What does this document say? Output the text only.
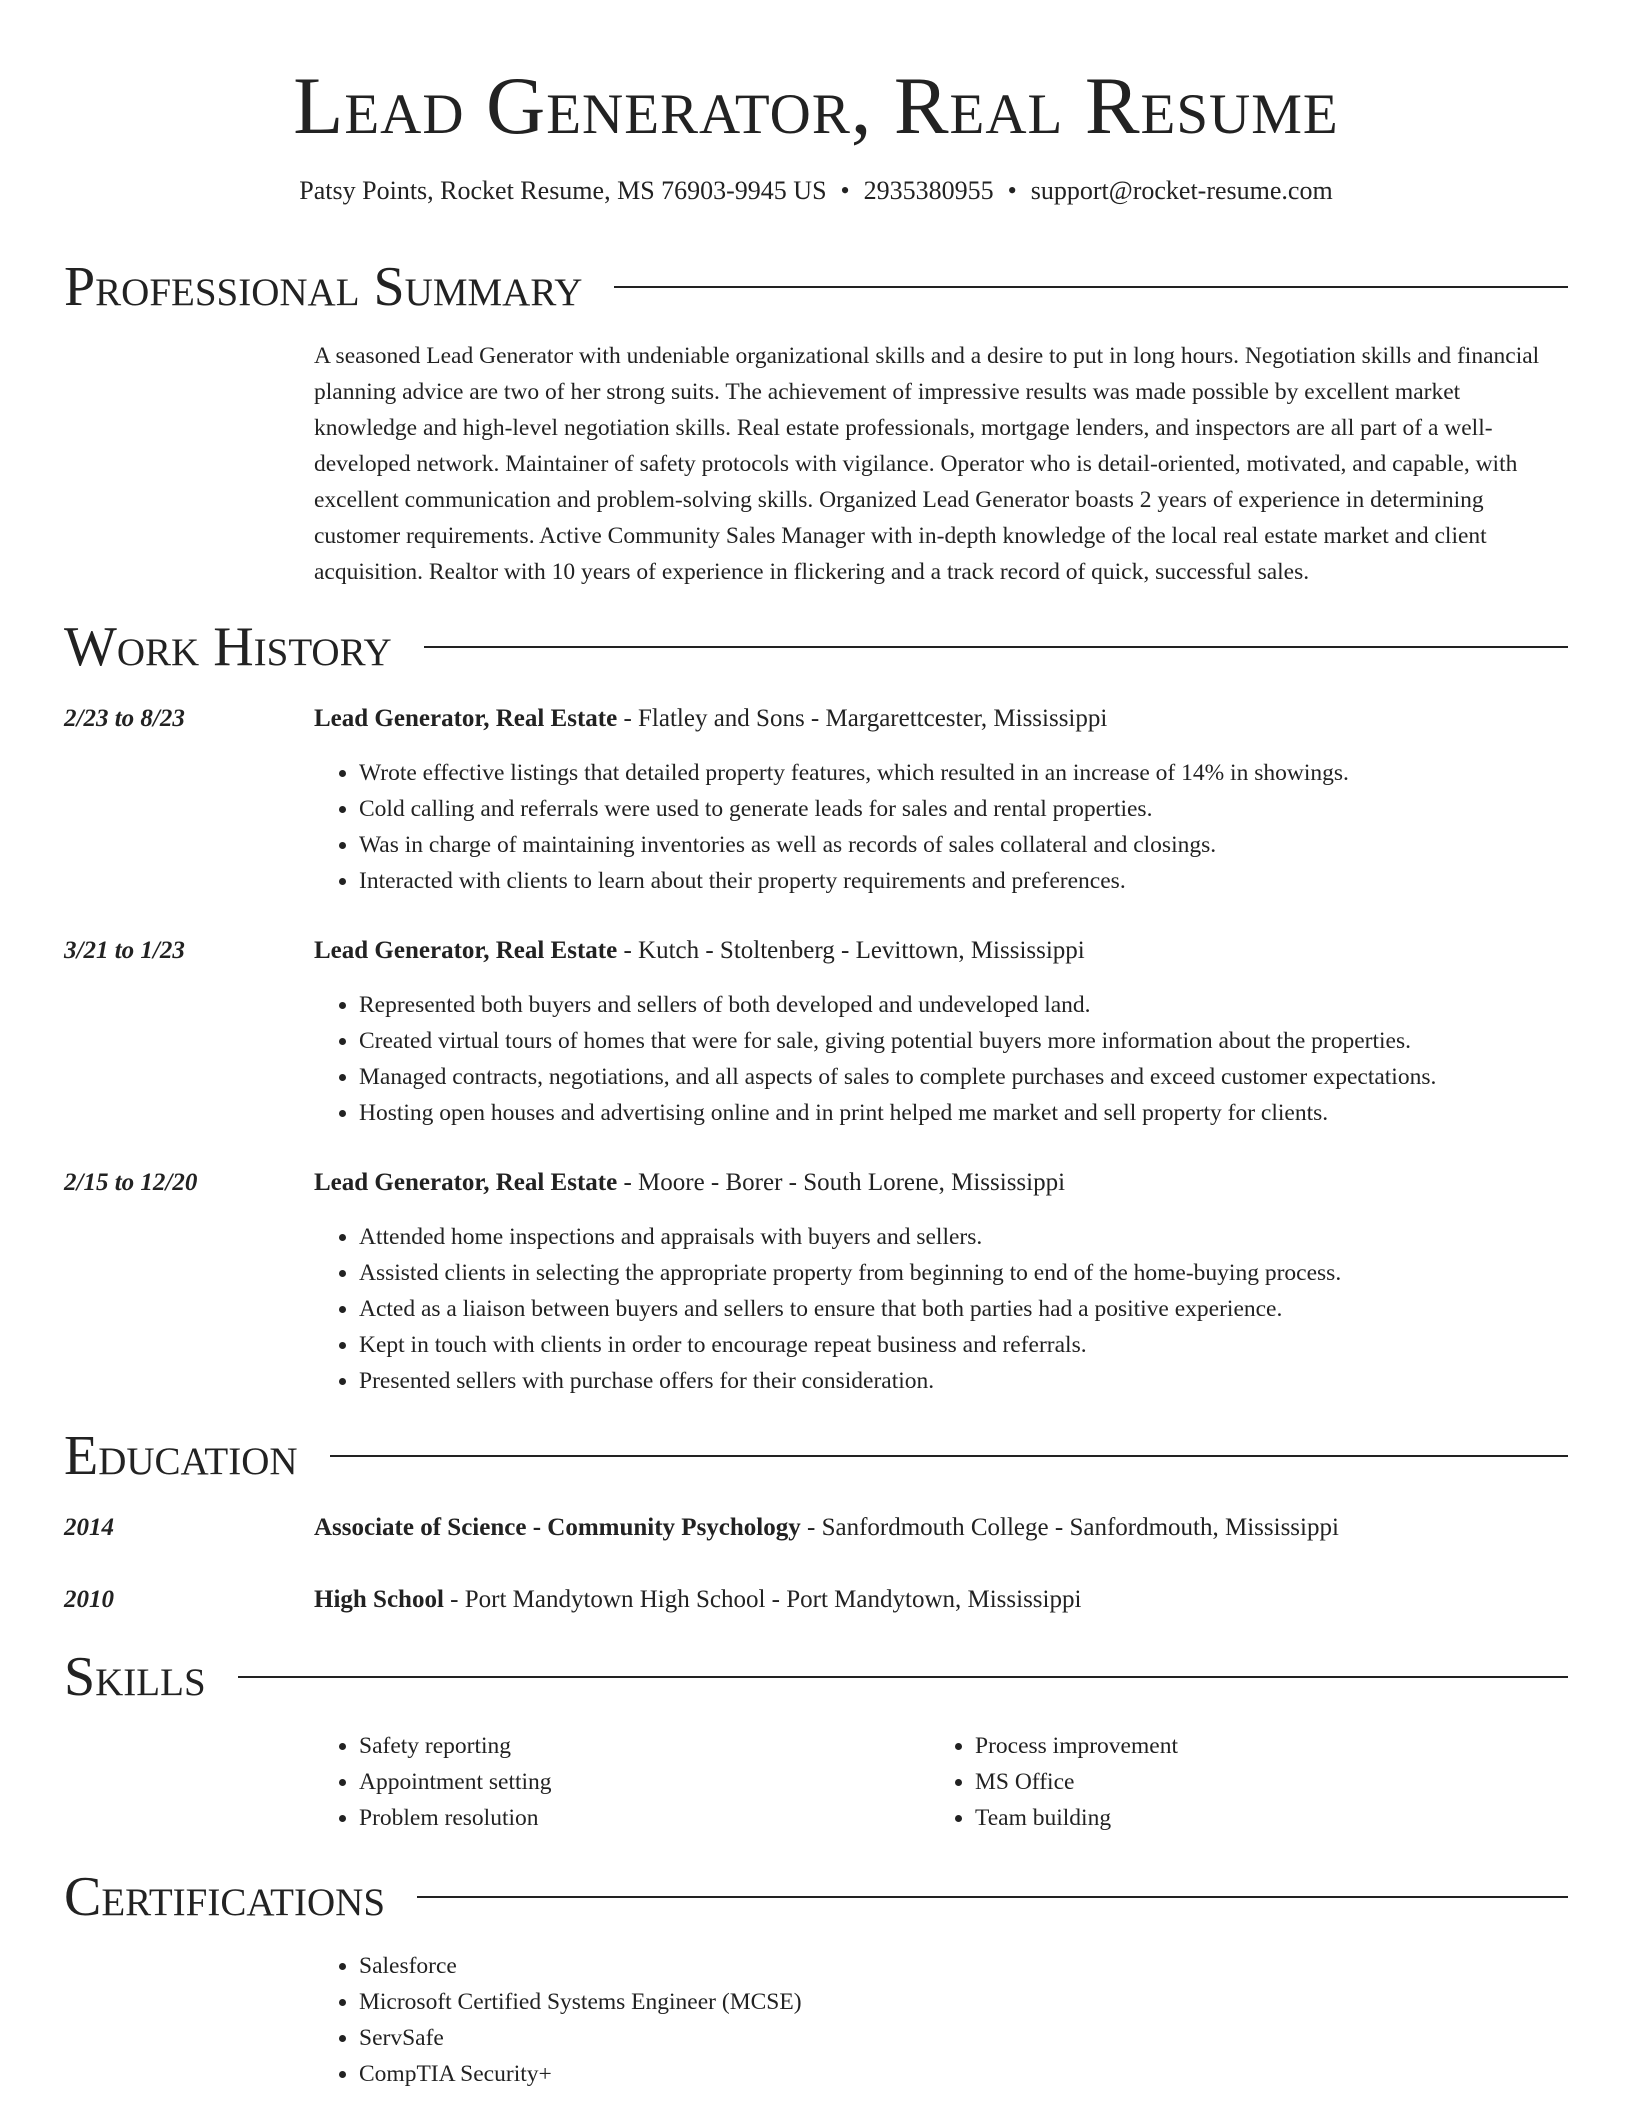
Lead Generator, Real Resume
Patsy Points, Rocket Resume, MS 76903-9945 US • 2935380955 • support@rocket-resume.com
Professional Summary

A seasoned Lead Generator with undeniable organizational skills and a desire to put in long hours. Negotiation skills and financial planning advice are two of her strong suits. The achievement of impressive results was made possible by excellent market knowledge and high-level negotiation skills. Real estate professionals, mortgage lenders, and inspectors are all part of a well-developed network. Maintainer of safety protocols with vigilance. Operator who is detail-oriented, motivated, and capable, with excellent communication and problem-solving skills. Organized Lead Generator boasts 2 years of experience in determining customer requirements. Active Community Sales Manager with in-depth knowledge of the local real estate market and client acquisition. Realtor with 10 years of experience in flickering and a track record of quick, successful sales.

Work History
2/23 to 8/23	Lead Generator, Real Estate - Flatley and Sons - Margarettcester, Mississippi
• Wrote effective listings that detailed property features, which resulted in an increase of 14% in showings.
• Cold calling and referrals were used to generate leads for sales and rental properties.
• Was in charge of maintaining inventories as well as records of sales collateral and closings.
• Interacted with clients to learn about their property requirements and preferences.
3/21 to 1/23	Lead Generator, Real Estate - Kutch - Stoltenberg - Levittown, Mississippi
• Represented both buyers and sellers of both developed and undeveloped land.
• Created virtual tours of homes that were for sale, giving potential buyers more information about the properties.
• Managed contracts, negotiations, and all aspects of sales to complete purchases and exceed customer expectations.
• Hosting open houses and advertising online and in print helped me market and sell property for clients.
2/15 to 12/20	Lead Generator, Real Estate - Moore - Borer - South Lorene, Mississippi
• Attended home inspections and appraisals with buyers and sellers.
• Assisted clients in selecting the appropriate property from beginning to end of the home-buying process.
• Acted as a liaison between buyers and sellers to ensure that both parties had a positive experience.
• Kept in touch with clients in order to encourage repeat business and referrals.
• Presented sellers with purchase offers for their consideration.
Education
2014	Associate of Science - Community Psychology - Sanfordmouth College - Sanfordmouth, Mississippi
2010	High School - Port Mandytown High School - Port Mandytown, Mississippi
Skills
• Safety reporting
• Appointment setting
• Problem resolution
• Process improvement
• MS Office
• Team building
Certifications
• Salesforce
• Microsoft Certified Systems Engineer (MCSE)
• ServSafe
• CompTIA Security+
